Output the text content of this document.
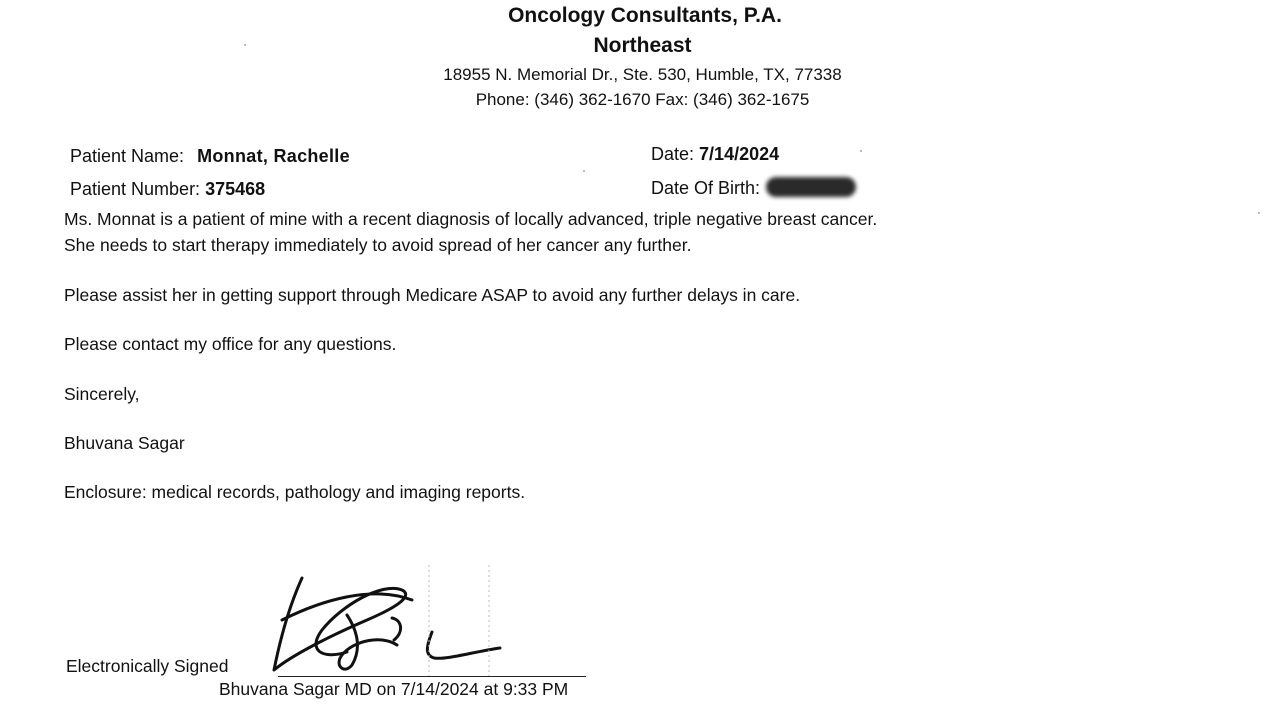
Oncology Consultants, P.A.
Northeast
18955 N. Memorial Dr., Ste. 530, Humble, TX, 77338
Phone: (346) 362-1670 Fax: (346) 362-1675
Patient Name: Monnat, Rachelle
Patient Number: 375468
Date: 7/14/2024
Date Of Birth:
Ms. Monnat is a patient of mine with a recent diagnosis of locally advanced, triple negative breast cancer.
She needs to start therapy immediately to avoid spread of her cancer any further.
Please assist her in getting support through Medicare ASAP to avoid any further delays in care.
Please contact my office for any questions.
Sincerely,
Bhuvana Sagar
Enclosure: medical records, pathology and imaging reports.
Electronically Signed
Bhuvana Sagar MD on 7/14/2024 at 9:33 PM
